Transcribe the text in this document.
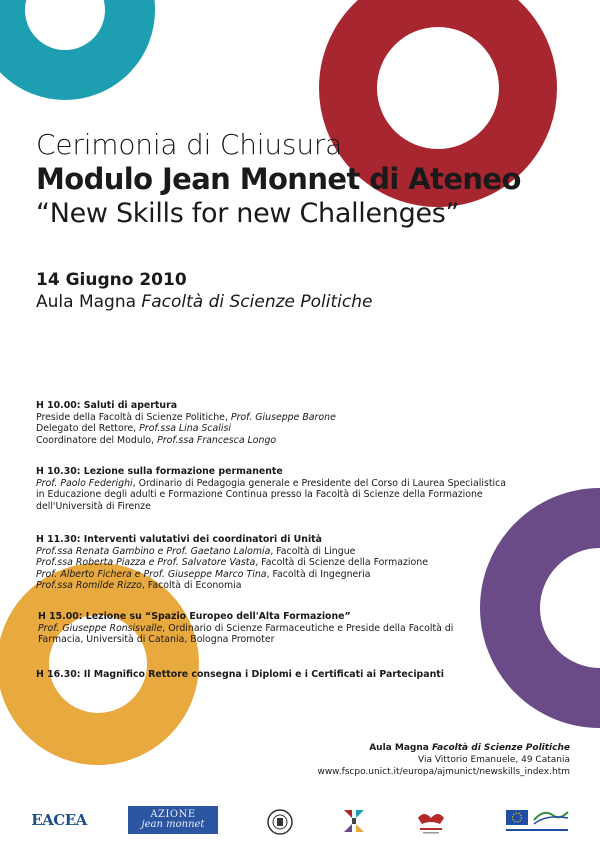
Cerimonia di Chiusura
Modulo Jean Monnet di Ateneo
“New Skills for new Challenges”
14 Giugno 2010
Aula Magna Facoltà di Scienze Politiche
H 10.00: Saluti di apertura
Preside della Facoltà di Scienze Politiche, Prof. Giuseppe Barone
Delegato del Rettore, Prof.ssa Lina Scalisi
Coordinatore del Modulo, Prof.ssa Francesca Longo
H 10.30: Lezione sulla formazione permanente
Prof. Paolo Federighi, Ordinario di Pedagogia generale e Presidente del Corso di Laurea Specialistica
in Educazione degli adulti e Formazione Continua presso la Facoltà di Scienze della Formazione
dell'Università di Firenze
H 11.30: Interventi valutativi dei coordinatori di Unità
Prof.ssa Renata Gambino e Prof. Gaetano Lalomia, Facoltà di Lingue
Prof.ssa Roberta Piazza e Prof. Salvatore Vasta, Facoltà di Scienze della Formazione
Prof. Alberto Fichera e Prof. Giuseppe Marco Tina, Facoltà di Ingegneria
Prof.ssa Romilde Rizzo, Facoltà di Economia
H 15.00: Lezione su “Spazio Europeo dell'Alta Formazione”
Prof. Giuseppe Ronsisvalle, Ordinario di Scienze Farmaceutiche e Preside della Facoltà di
Farmacia, Università di Catania, Bologna Promoter
H 16.30: Il Magnifico Rettore consegna i Diplomi e i Certificati ai Partecipanti
Aula Magna Facoltà di Scienze Politiche
Via Vittorio Emanuele, 49 Catania
www.fscpo.unict.it/europa/ajmunict/newskills_index.htm
EACEA	AZIONE
jean monnet
